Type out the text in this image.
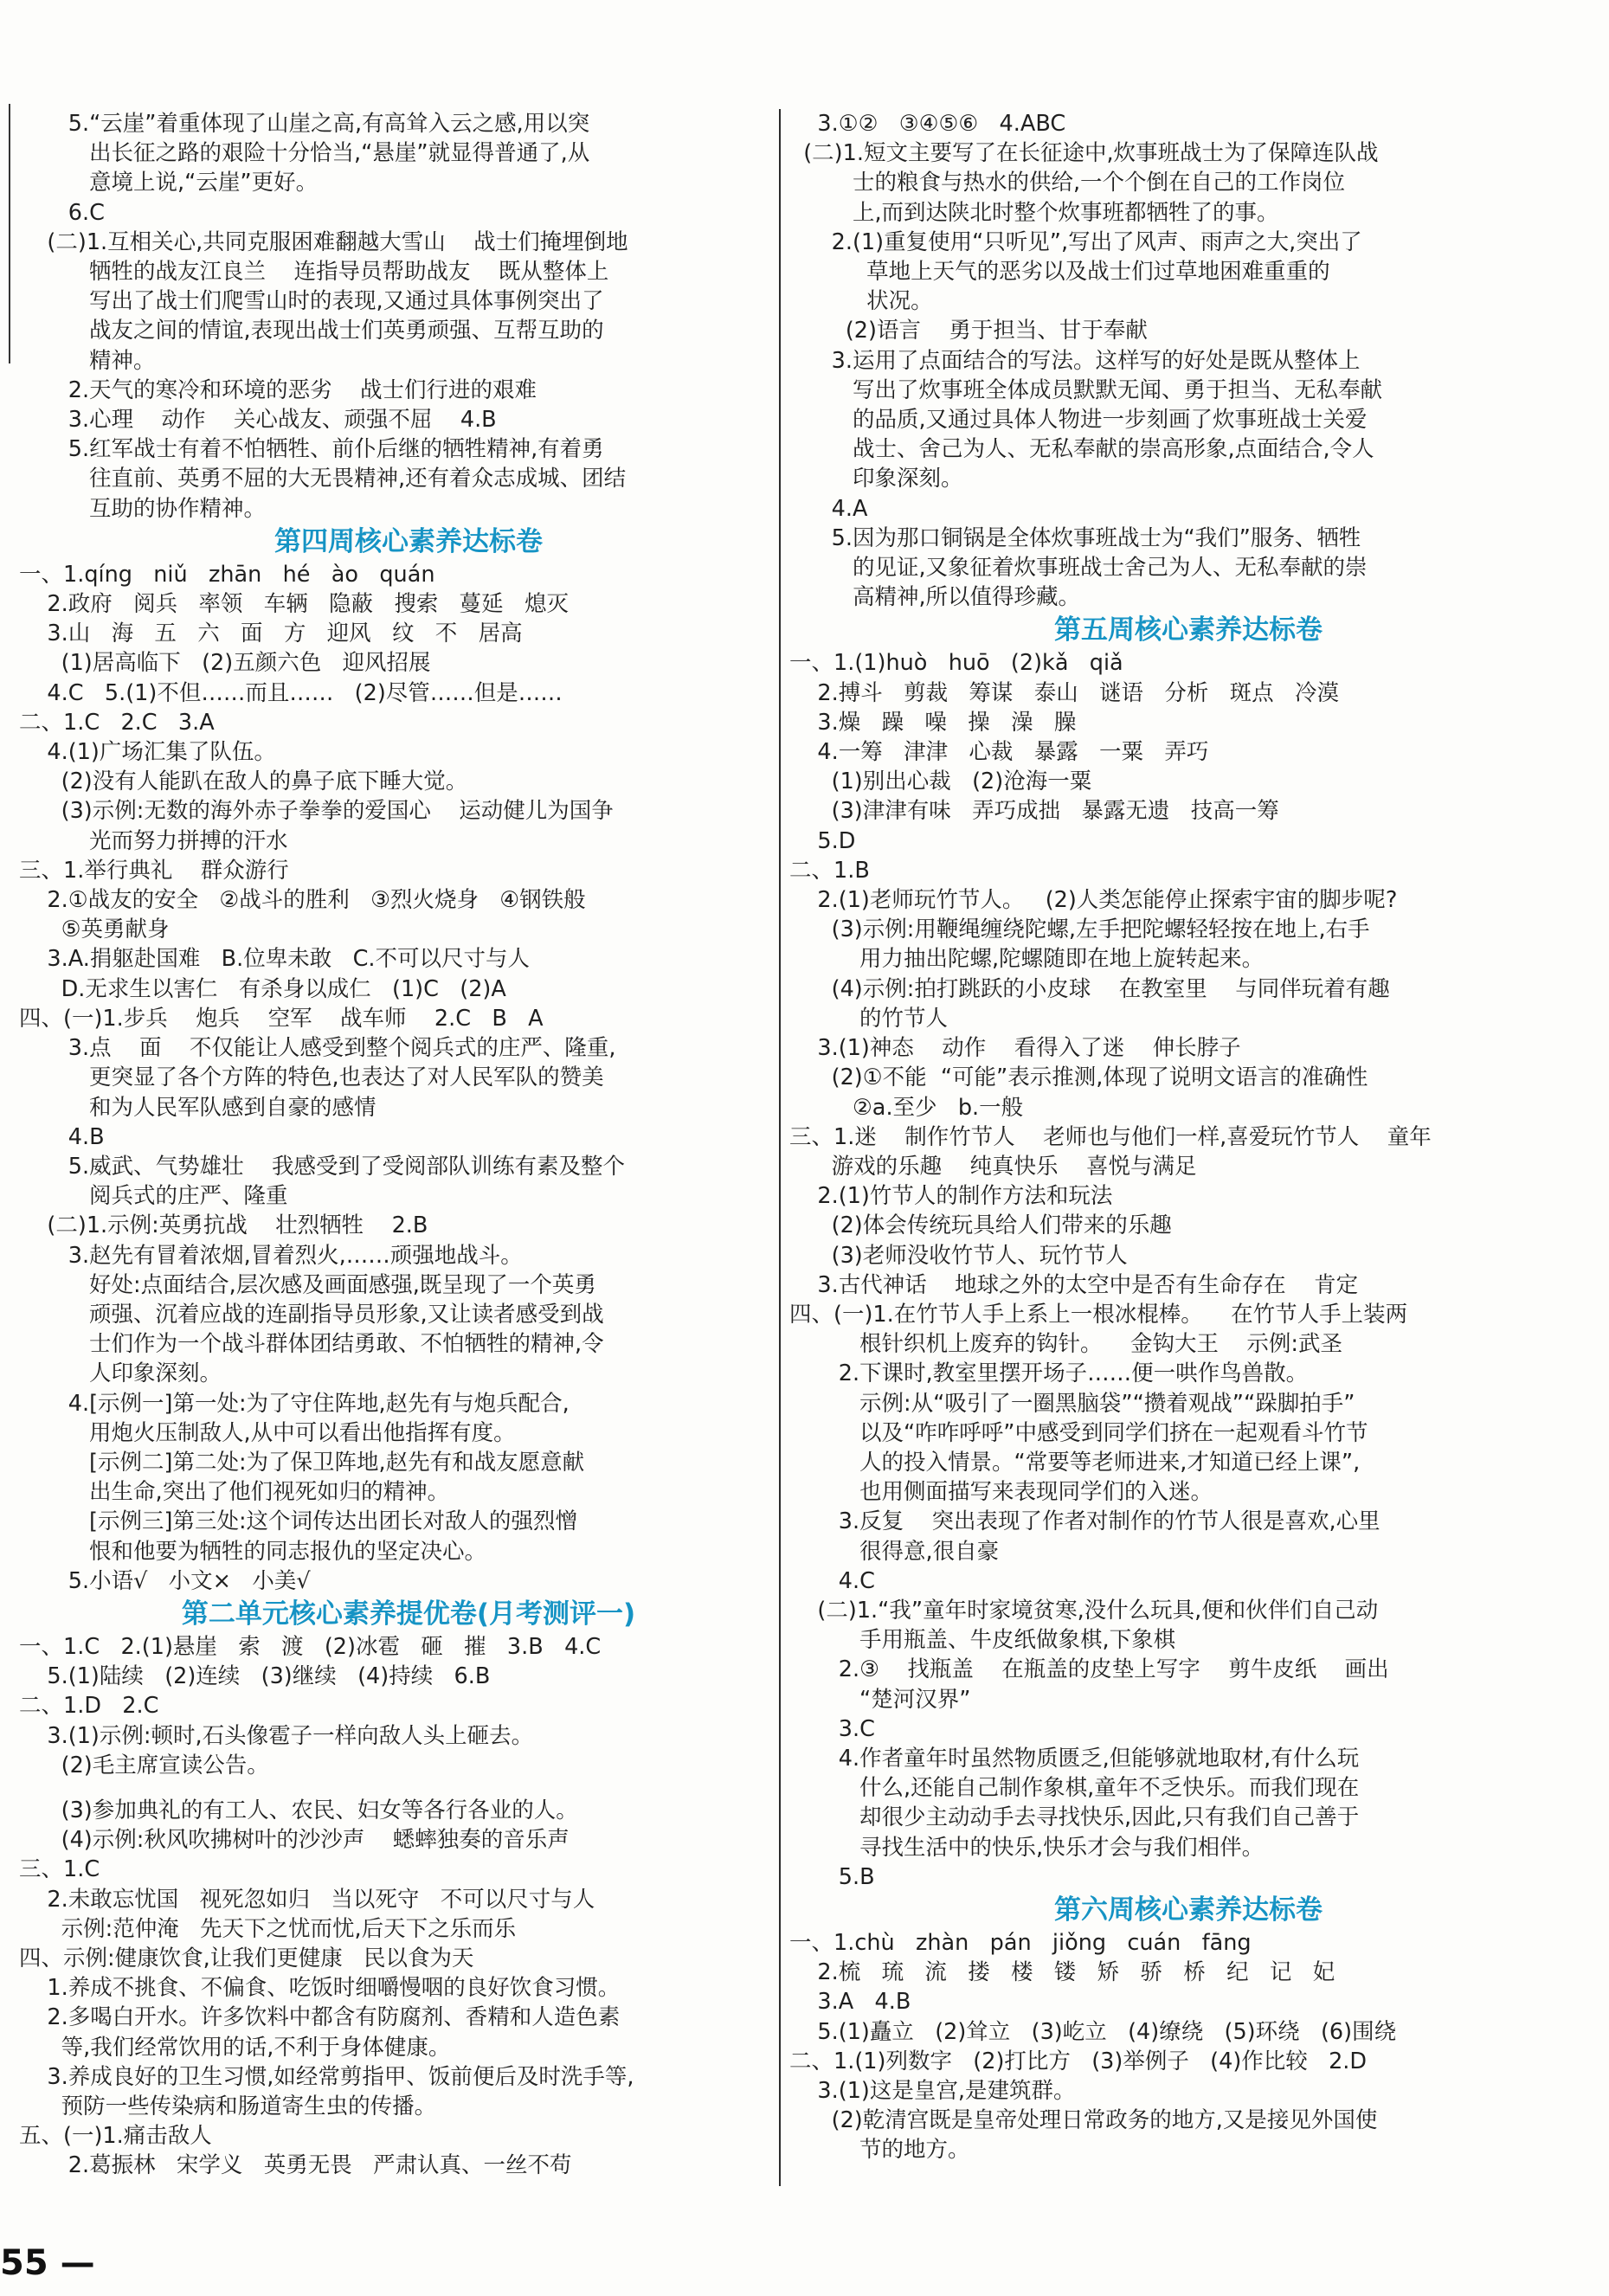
5.“云崖”着重体现了山崖之高,有高耸入云之感,用以突
出长征之路的艰险十分恰当,“悬崖”就显得普通了,从
意境上说,“云崖”更好。
6.C
(二)1.互相关心,共同克服困难翻越大雪山    战士们掩埋倒地
牺牲的战友江良兰    连指导员帮助战友    既从整体上
写出了战士们爬雪山时的表现,又通过具体事例突出了
战友之间的情谊,表现出战士们英勇顽强、互帮互助的
精神。
2.天气的寒冷和环境的恶劣    战士们行进的艰难
3.心理    动作    关心战友、顽强不屈    4.B
5.红军战士有着不怕牺牲、前仆后继的牺牲精神,有着勇
往直前、英勇不屈的大无畏精神,还有着众志成城、团结
互助的协作精神。
第四周核心素养达标卷
一、1.qíng   niǔ   zhān   hé   ào   quán
2.政府   阅兵   率领   车辆   隐蔽   搜索   蔓延   熄灭
3.山   海   五   六   面   方   迎风   纹   不   居高
(1)居高临下   (2)五颜六色   迎风招展
4.C   5.(1)不但……而且……   (2)尽管……但是……
二、1.C   2.C   3.A
4.(1)广场汇集了队伍。
(2)没有人能趴在敌人的鼻子底下睡大觉。
(3)示例:无数的海外赤子拳拳的爱国心    运动健儿为国争
光而努力拼搏的汗水
三、1.举行典礼    群众游行
2.①战友的安全   ②战斗的胜利   ③烈火烧身   ④钢铁般
⑤英勇献身
3.A.捐躯赴国难   B.位卑未敢   C.不可以尺寸与人
D.无求生以害仁   有杀身以成仁   (1)C   (2)A
四、(一)1.步兵    炮兵    空军    战车师    2.C   B   A
3.点    面    不仅能让人感受到整个阅兵式的庄严、隆重,
更突显了各个方阵的特色,也表达了对人民军队的赞美
和为人民军队感到自豪的感情
4.B
5.威武、气势雄壮    我感受到了受阅部队训练有素及整个
阅兵式的庄严、隆重
(二)1.示例:英勇抗战    壮烈牺牲    2.B
3.赵先有冒着浓烟,冒着烈火,……顽强地战斗。
好处:点面结合,层次感及画面感强,既呈现了一个英勇
顽强、沉着应战的连副指导员形象,又让读者感受到战
士们作为一个战斗群体团结勇敢、不怕牺牲的精神,令
人印象深刻。
4.[示例一]第一处:为了守住阵地,赵先有与炮兵配合,
用炮火压制敌人,从中可以看出他指挥有度。
[示例二]第二处:为了保卫阵地,赵先有和战友愿意献
出生命,突出了他们视死如归的精神。
[示例三]第三处:这个词传达出团长对敌人的强烈憎
恨和他要为牺牲的同志报仇的坚定决心。
5.小语√   小文×   小美√
第二单元核心素养提优卷(月考测评一)
一、1.C   2.(1)悬崖   索   渡   (2)冰雹   砸   摧   3.B   4.C
5.(1)陆续   (2)连续   (3)继续   (4)持续   6.B
二、1.D   2.C
3.(1)示例:顿时,石头像雹子一样向敌人头上砸去。
(2)毛主席宣读公告。
(3)参加典礼的有工人、农民、妇女等各行各业的人。
(4)示例:秋风吹拂树叶的沙沙声    蟋蟀独奏的音乐声
三、1.C
2.未敢忘忧国   视死忽如归   当以死守   不可以尺寸与人
示例:范仲淹   先天下之忧而忧,后天下之乐而乐
四、示例:健康饮食,让我们更健康   民以食为天
1.养成不挑食、不偏食、吃饭时细嚼慢咽的良好饮食习惯。
2.多喝白开水。许多饮料中都含有防腐剂、香精和人造色素
等,我们经常饮用的话,不利于身体健康。
3.养成良好的卫生习惯,如经常剪指甲、饭前便后及时洗手等,
预防一些传染病和肠道寄生虫的传播。
五、(一)1.痛击敌人
2.葛振林   宋学义   英勇无畏   严肃认真、一丝不苟
3.①②   ③④⑤⑥   4.ABC
(二)1.短文主要写了在长征途中,炊事班战士为了保障连队战
士的粮食与热水的供给,一个个倒在自己的工作岗位
上,而到达陕北时整个炊事班都牺牲了的事。
2.(1)重复使用“只听见”,写出了风声、雨声之大,突出了
草地上天气的恶劣以及战士们过草地困难重重的
状况。
(2)语言    勇于担当、甘于奉献
3.运用了点面结合的写法。这样写的好处是既从整体上
写出了炊事班全体成员默默无闻、勇于担当、无私奉献
的品质,又通过具体人物进一步刻画了炊事班战士关爱
战士、舍己为人、无私奉献的崇高形象,点面结合,令人
印象深刻。
4.A
5.因为那口铜锅是全体炊事班战士为“我们”服务、牺牲
的见证,又象征着炊事班战士舍己为人、无私奉献的崇
高精神,所以值得珍藏。
第五周核心素养达标卷
一、1.(1)huò   huō   (2)kǎ   qiǎ
2.搏斗   剪裁   筹谋   泰山   谜语   分析   斑点   冷漠
3.燥   躁   噪   操   澡   臊
4.一筹   津津   心裁   暴露   一粟   弄巧
(1)别出心裁   (2)沧海一粟
(3)津津有味   弄巧成拙   暴露无遗   技高一筹
5.D
二、1.B
2.(1)老师玩竹节人。   (2)人类怎能停止探索宇宙的脚步呢?
(3)示例:用鞭绳缠绕陀螺,左手把陀螺轻轻按在地上,右手
用力抽出陀螺,陀螺随即在地上旋转起来。
(4)示例:拍打跳跃的小皮球    在教室里    与同伴玩着有趣
的竹节人
3.(1)神态    动作    看得入了迷    伸长脖子
(2)①不能  “可能”表示推测,体现了说明文语言的准确性
②a.至少   b.一般
三、1.迷    制作竹节人    老师也与他们一样,喜爱玩竹节人    童年
游戏的乐趣    纯真快乐    喜悦与满足
2.(1)竹节人的制作方法和玩法
(2)体会传统玩具给人们带来的乐趣
(3)老师没收竹节人、玩竹节人
3.古代神话    地球之外的太空中是否有生命存在    肯定
四、(一)1.在竹节人手上系上一根冰棍棒。    在竹节人手上装两
根针织机上废弃的钩针。    金钩大王    示例:武圣
2.下课时,教室里摆开场子……便一哄作鸟兽散。
示例:从“吸引了一圈黑脑袋”“攒着观战”“跺脚拍手”
以及“咋咋呼呼”中感受到同学们挤在一起观看斗竹节
人的投入情景。“常要等老师进来,才知道已经上课”,
也用侧面描写来表现同学们的入迷。
3.反复    突出表现了作者对制作的竹节人很是喜欢,心里
很得意,很自豪
4.C
(二)1.“我”童年时家境贫寒,没什么玩具,便和伙伴们自己动
手用瓶盖、牛皮纸做象棋,下象棋
2.③    找瓶盖    在瓶盖的皮垫上写字    剪牛皮纸    画出
“楚河汉界”
3.C
4.作者童年时虽然物质匮乏,但能够就地取材,有什么玩
什么,还能自己制作象棋,童年不乏快乐。而我们现在
却很少主动动手去寻找快乐,因此,只有我们自己善于
寻找生活中的快乐,快乐才会与我们相伴。
5.B
第六周核心素养达标卷
一、1.chù   zhàn   pán   jiǒng   cuán   fāng
2.梳   琉   流   搂   楼   镂   矫   骄   桥   纪   记   妃
3.A   4.B
5.(1)矗立   (2)耸立   (3)屹立   (4)缭绕   (5)环绕   (6)围绕
二、1.(1)列数字   (2)打比方   (3)举例子   (4)作比较   2.D
3.(1)这是皇宫,是建筑群。
(2)乾清宫既是皇帝处理日常政务的地方,又是接见外国使
节的地方。
55 —
